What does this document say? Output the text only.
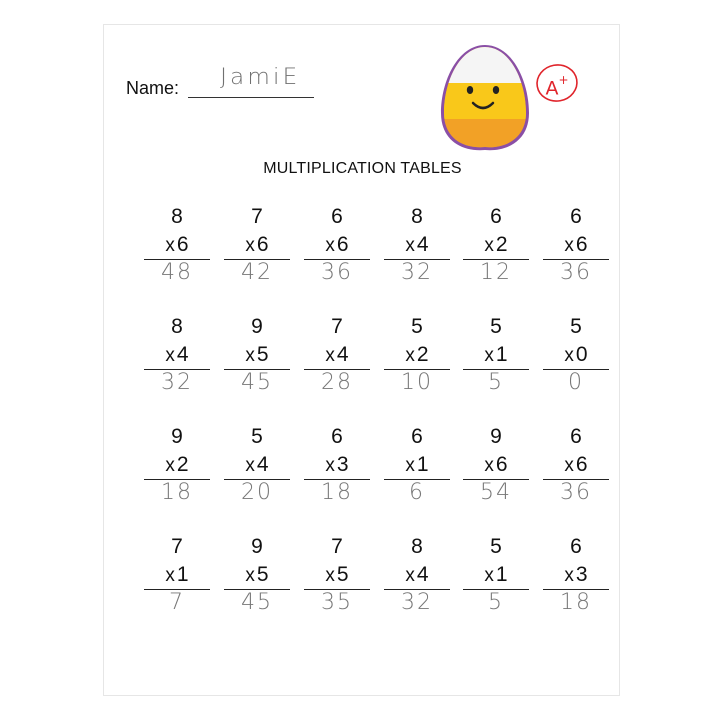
Name: JamiE	A+
MULTIPLICATION TABLES
8
x6
48
7
x6
42
6
x6
36
8
x4
32
6
x2
12
6
x6
36
8
x4
32
9
x5
45
7
x4
28
5
x2
10
5
x1
5
5
x0
0
9
x2
18
5
x4
20
6
x3
18
6
x1
6
9
x6
54
6
x6
36
7
x1
7
9
x5
45
7
x5
35
8
x4
32
5
x1
5
6
x3
18
